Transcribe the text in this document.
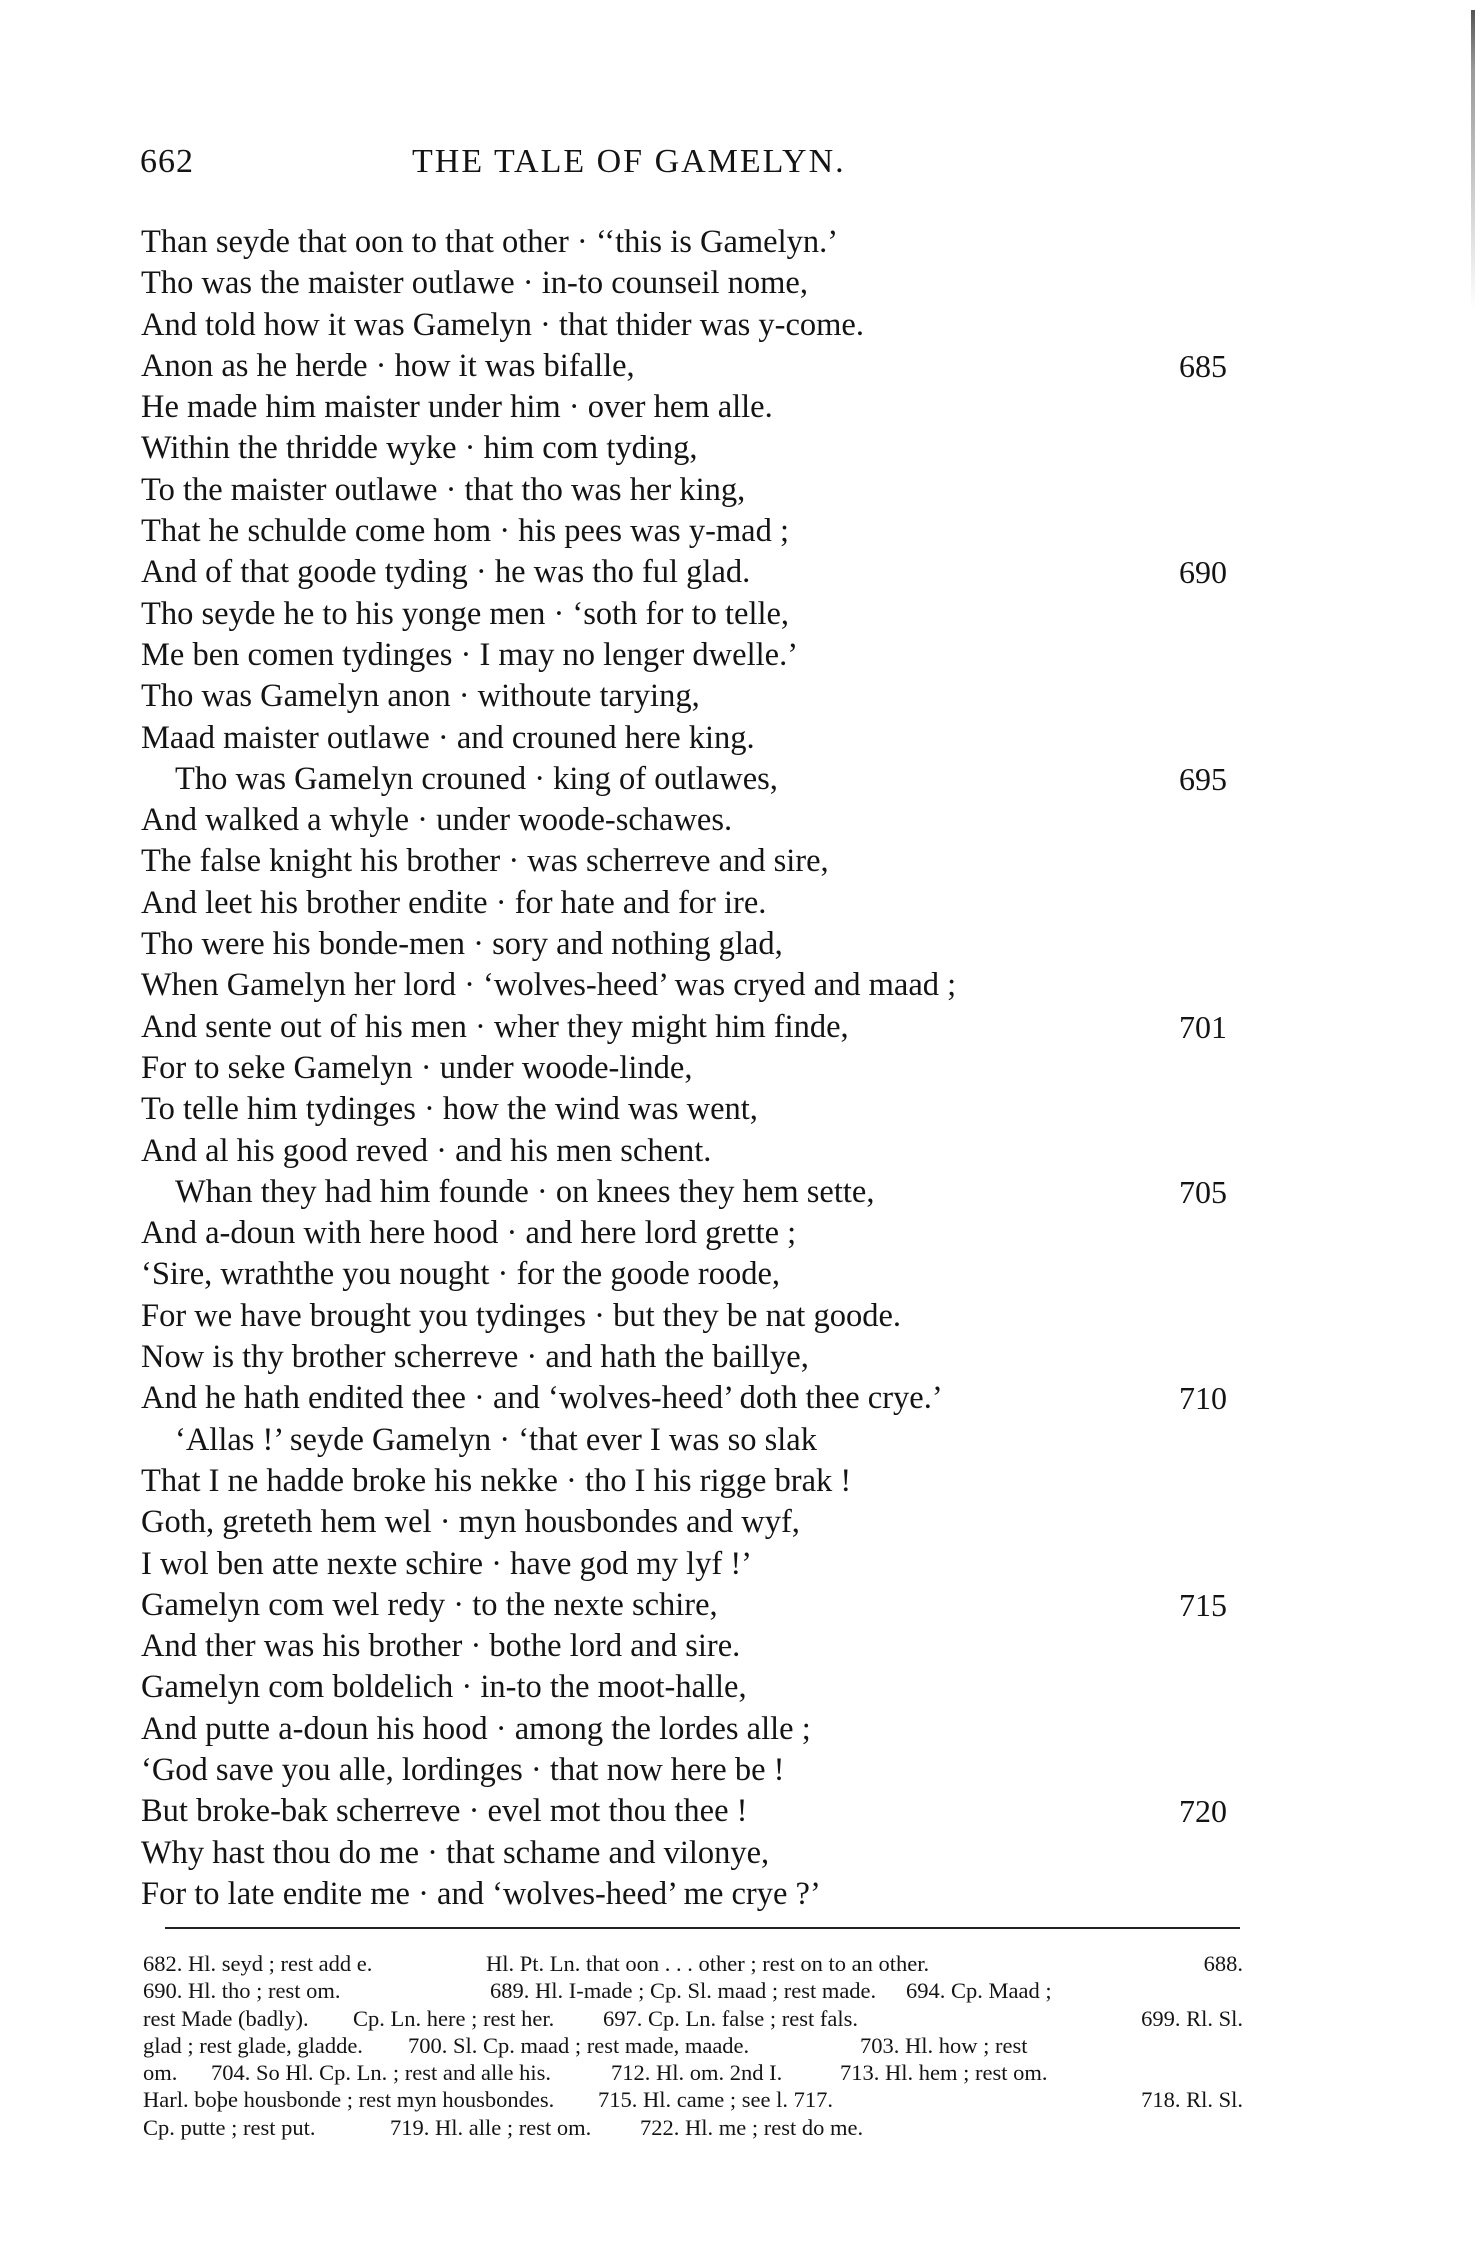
662	THE TALE OF GAMELYN.
Than seyde that oon to that other · ‘‘this is Gamelyn.’
Tho was the maister outlawe · in-to counseil nome,
And told how it was Gamelyn · that thider was y-come.
Anon as he herde · how it was bifalle,	685
He made him maister under him · over hem alle.
Within the thridde wyke · him com tyding,
To the maister outlawe · that tho was her king,
That he schulde come hom · his pees was y-mad ;
And of that goode tyding · he was tho ful glad.	690
Tho seyde he to his yonge men · ‘soth for to telle,
Me ben comen tydinges · I may no lenger dwelle.’
Tho was Gamelyn anon · withoute tarying,
Maad maister outlawe · and crouned here king.
Tho was Gamelyn crouned · king of outlawes,	695
And walked a whyle · under woode-schawes.
The false knight his brother · was scherreve and sire,
And leet his brother endite · for hate and for ire.
Tho were his bonde-men · sory and nothing glad,
When Gamelyn her lord · ‘wolves-heed’ was cryed and maad ;
And sente out of his men · wher they might him finde,	701
For to seke Gamelyn · under woode-linde,
To telle him tydinges · how the wind was went,
And al his good reved · and his men schent.
Whan they had him founde · on knees they hem sette,	705
And a-doun with here hood · and here lord grette ;
‘Sire, wraththe you nought · for the goode roode,
For we have brought you tydinges · but they be nat goode.
Now is thy brother scherreve · and hath the baillye,
And he hath endited thee · and ‘wolves-heed’ doth thee crye.’	710
‘Allas !’ seyde Gamelyn · ‘that ever I was so slak
That I ne hadde broke his nekke · tho I his rigge brak !
Goth, greteth hem wel · myn housbondes and wyf,
I wol ben atte nexte schire · have god my lyf !’
Gamelyn com wel redy · to the nexte schire,	715
And ther was his brother · bothe lord and sire.
Gamelyn com boldelich · in-to the moot-halle,
And putte a-doun his hood · among the lordes alle ;
‘God save you alle, lordinges · that now here be !
But broke-bak scherreve · evel mot thou thee !	720
Why hast thou do me · that schame and vilonye,
For to late endite me · and ‘wolves-heed’ me crye ?’
682. Hl. seyd ; rest add e.	Hl. Pt. Ln. that oon . . . other ; rest on to an other.	688.
690. Hl. tho ; rest om.	689. Hl. I-made ; Cp. Sl. maad ; rest made. 694. Cp. Maad ;
rest Made (badly). Cp. Ln. here ; rest her. 697. Cp. Ln. false ; rest fals.	699. Rl. Sl.
glad ; rest glade, gladde. 700. Sl. Cp. maad ; rest made, maade.	703. Hl. how ; rest
om. 704. So Hl. Cp. Ln. ; rest and alle his.	712. Hl. om. 2nd I.	713. Hl. hem ; rest om.
Harl. boþe housbonde ; rest myn housbondes. 715. Hl. came ; see l. 717.	718. Rl. Sl.
Cp. putte ; rest put.	719. Hl. alle ; rest om. 722. Hl. me ; rest do me.
